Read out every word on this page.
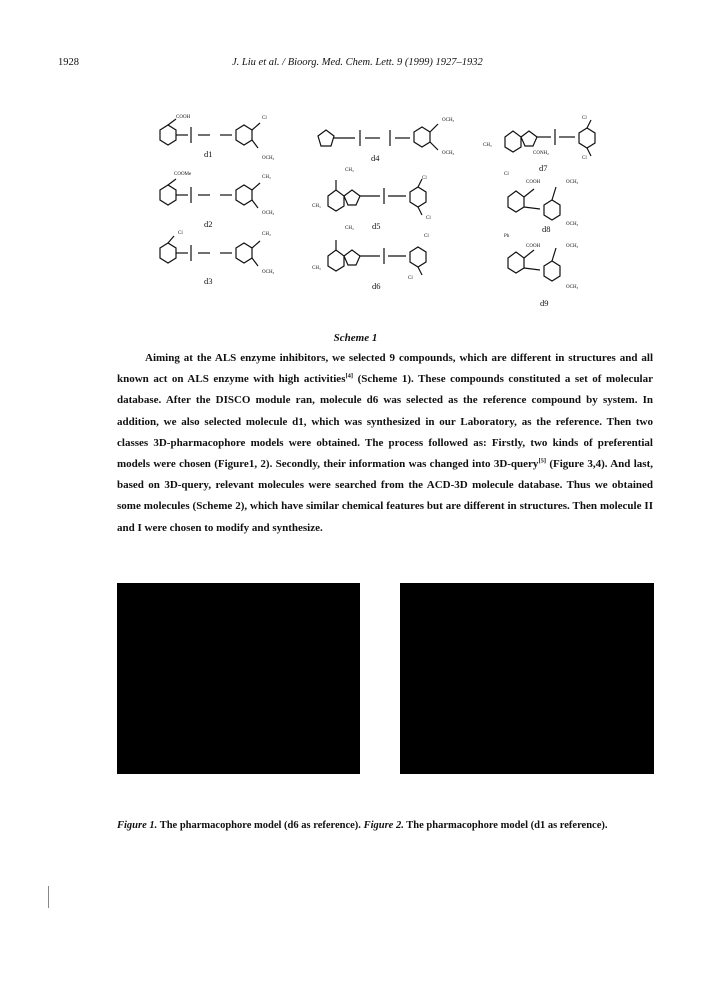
1928	J. Liu et al. / Bioorg. Med. Chem. Lett. 9 (1999) 1927–1932
COOH	Cl
OCH₃
d1
COOMe
CH₃
OCH₃
d2
Cl	CH₃
OCH₃
d3
OCH₃
OCH₃
d4
CH₃
CH₃
Cl
Cl
d5
CH₃
CH₃
Cl
Cl
d6
Cl
CH₃
CONH₂
Cl
d7
Cl
COOH	OCH₃
OCH₃
d8
Ph
COOH	OCH₃
OCH₃
d9
Scheme 1

Aiming at the ALS enzyme inhibitors, we selected 9 compounds, which are different in structures and all known act on ALS enzyme with high activities[4] (Scheme 1). These compounds constituted a set of molecular database. After the DISCO module ran, molecule d6 was selected as the reference compound by system. In addition, we also selected molecule d1, which was synthesized in our Laboratory, as the reference. Then two classes 3D-pharmacophore models were obtained. The process followed as: Firstly, two kinds of preferential models were chosen (Figure1, 2). Secondly, their information was changed into 3D-query[5] (Figure 3,4). And last, based on 3D-query, relevant molecules were searched from the ACD-3D molecule database. Thus we obtained some molecules (Scheme 2), which have similar chemical features but are different in structures. Then molecule II and I were chosen to modify and synthesize.

Figure 1. The pharmacophore model (d6 as reference). Figure 2. The pharmacophore model (d1 as reference).
